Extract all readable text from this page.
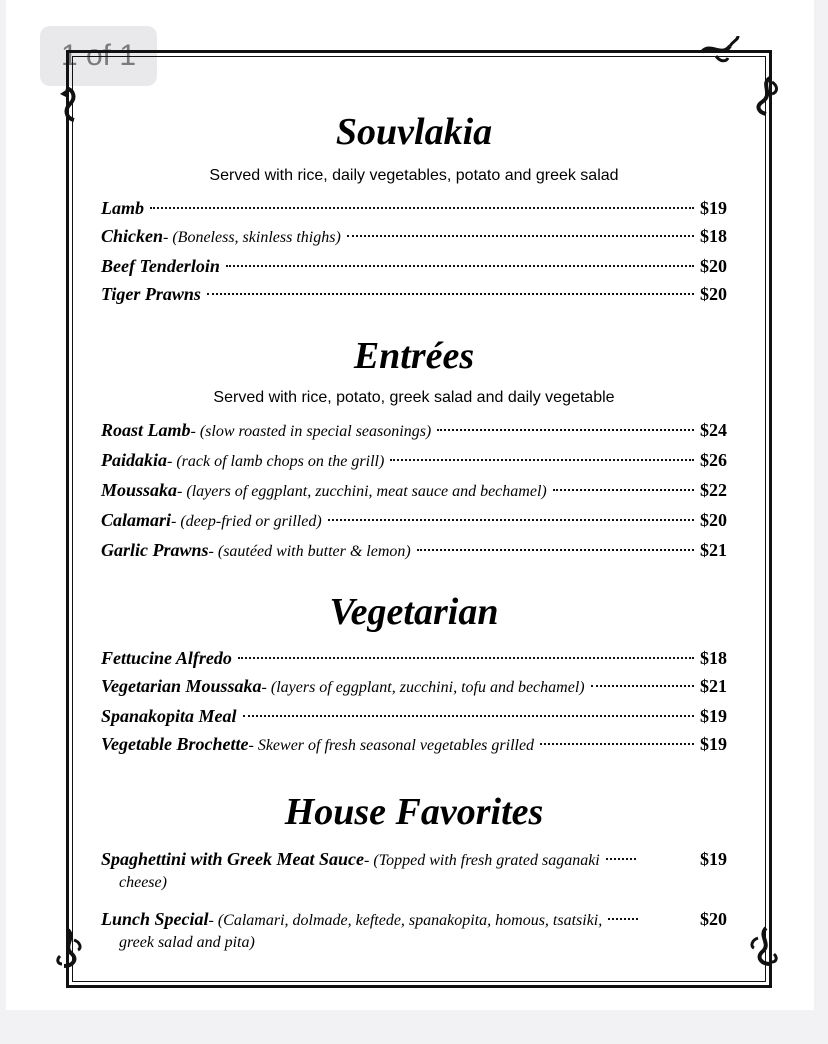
1 of 1
Souvlakia
Served with rice, daily vegetables, potato and greek salad
Lamb	$19
Chicken - (Boneless, skinless thighs)	$18
Beef Tenderloin	$20
Tiger Prawns	$20
Entrées
Served with rice, potato, greek salad and daily vegetable
Roast Lamb - (slow roasted in special seasonings)	$24
Paidakia - (rack of lamb chops on the grill)	$26
Moussaka - (layers of eggplant, zucchini, meat sauce and bechamel)	$22
Calamari - (deep-fried or grilled)	$20
Garlic Prawns - (sautéed with butter & lemon)	$21
Vegetarian
Fettucine Alfredo	$18
Vegetarian Moussaka - (layers of eggplant, zucchini, tofu and bechamel)	$21
Spanakopita Meal	$19
Vegetable Brochette - Skewer of fresh seasonal vegetables grilled	$19
House Favorites
Spaghettini with Greek Meat Sauce - (Topped with fresh grated saganaki	$19
cheese)
Lunch Special - (Calamari, dolmade, keftede, spanakopita, homous, tsatsiki,	$20
greek salad and pita)
